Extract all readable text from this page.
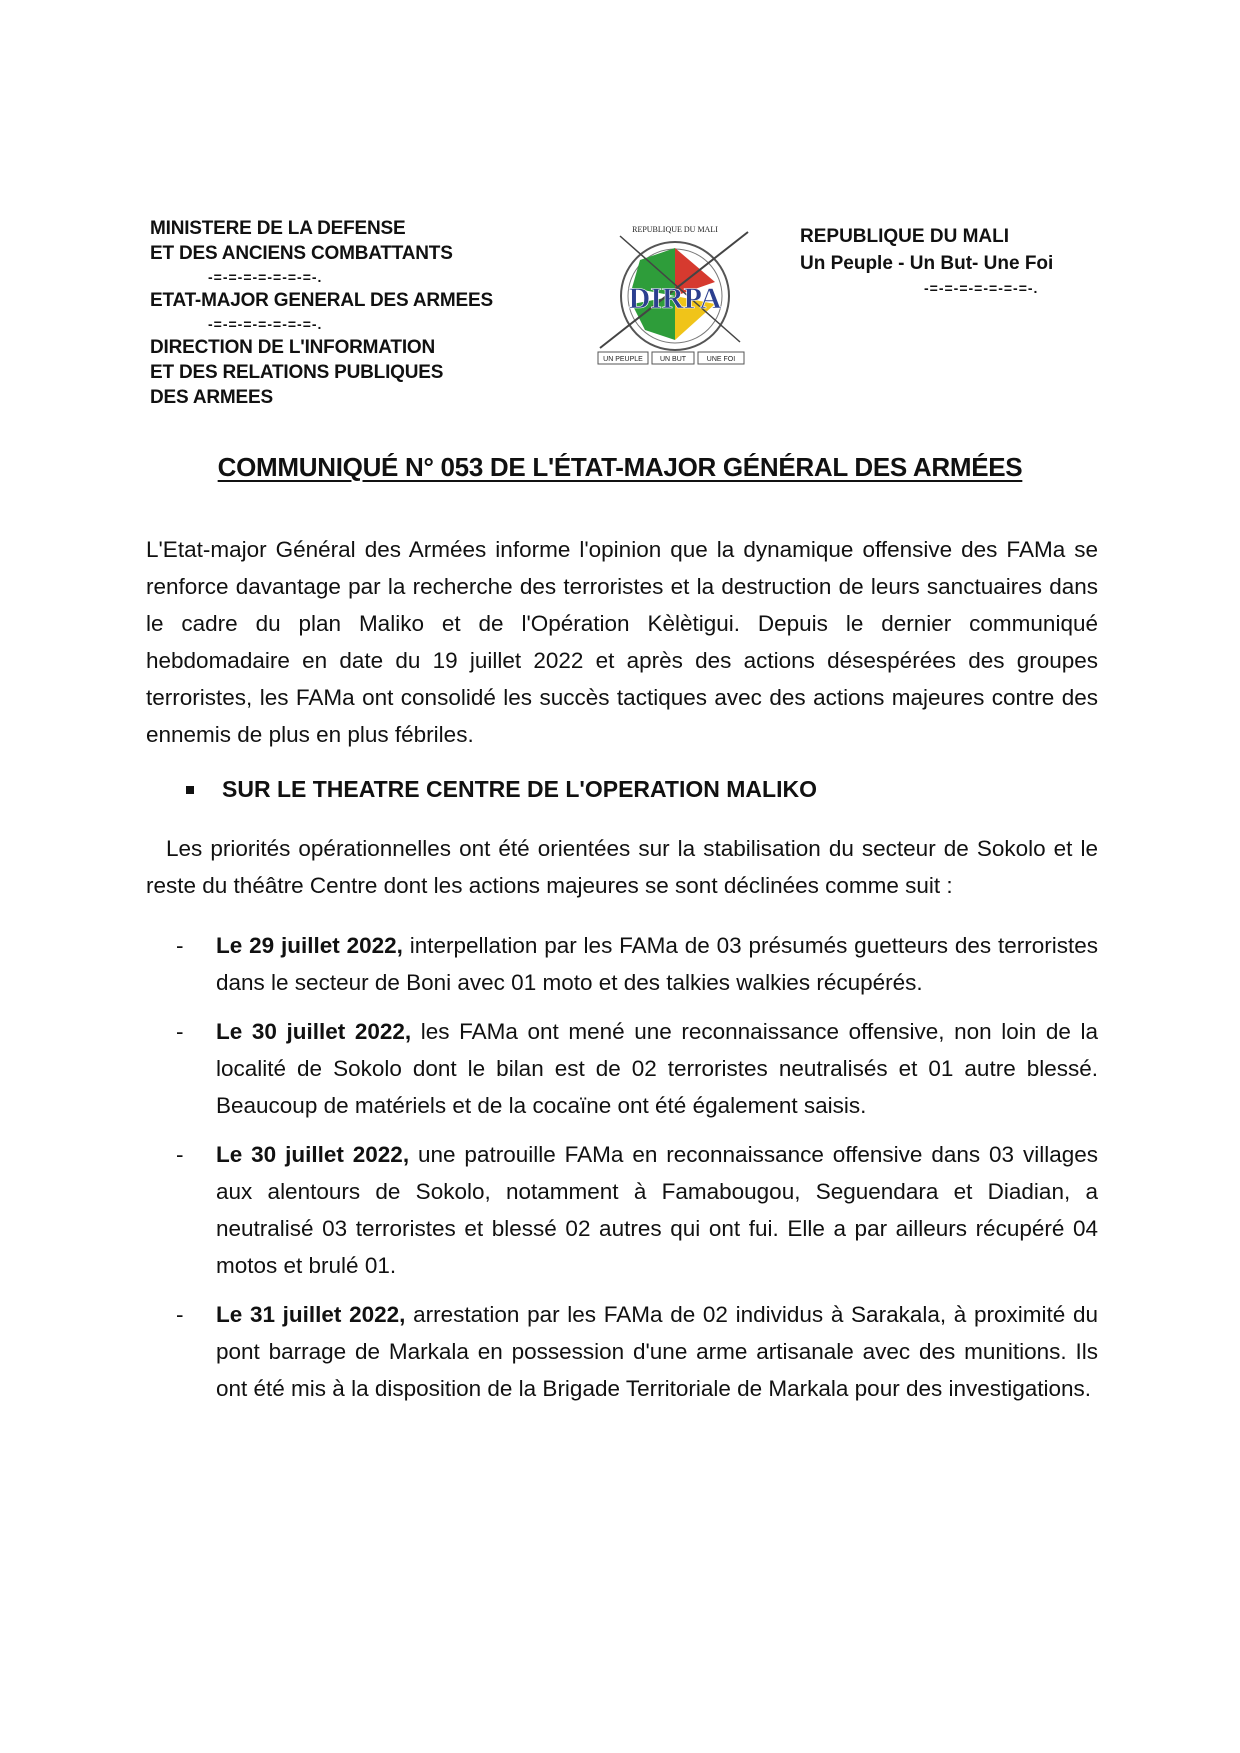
MINISTERE DE LA DEFENSE
ET DES ANCIENS COMBATTANTS
-=-=-=-=-=-=-=-.
ETAT-MAJOR GENERAL DES ARMEES
-=-=-=-=-=-=-=-.
DIRECTION DE L'INFORMATION
ET DES RELATIONS PUBLIQUES
DES ARMEES
REPUBLIQUE DU MALI
DIRPA
UN PEUPLE UN BUT	UNE FOI
REPUBLIQUE DU MALI
Un Peuple - Un But- Une Foi
-=-=-=-=-=-=-=-.
COMMUNIQUÉ N° 053 DE L'ÉTAT-MAJOR GÉNÉRAL DES ARMÉES

L'Etat-major Général des Armées informe l'opinion que la dynamique offensive des FAMa se renforce davantage par la recherche des terroristes et la destruction de leurs sanctuaires dans le cadre du plan Maliko et de l'Opération Kèlètigui. Depuis le dernier communiqué hebdomadaire en date du 19 juillet 2022 et après des actions désespérées des groupes terroristes, les FAMa ont consolidé les succès tactiques avec des actions majeures contre des ennemis de plus en plus fébriles.

SUR LE THEATRE CENTRE DE L'OPERATION MALIKO

Les priorités opérationnelles ont été orientées sur la stabilisation du secteur de Sokolo et le reste du théâtre Centre dont les actions majeures se sont déclinées comme suit :

- Le 29 juillet 2022, interpellation par les FAMa de 03 présumés guetteurs des terroristes dans le secteur de Boni avec 01 moto et des talkies walkies récupérés.
- Le 30 juillet 2022, les FAMa ont mené une reconnaissance offensive, non loin de la localité de Sokolo dont le bilan est de 02 terroristes neutralisés et 01 autre blessé. Beaucoup de matériels et de la cocaïne ont été également saisis.
- Le 30 juillet 2022, une patrouille FAMa en reconnaissance offensive dans 03 villages aux alentours de Sokolo, notamment à Famabougou, Seguendara et Diadian, a neutralisé 03 terroristes et blessé 02 autres qui ont fui. Elle a par ailleurs récupéré 04 motos et brulé 01.
- Le 31 juillet 2022, arrestation par les FAMa de 02 individus à Sarakala, à proximité du pont barrage de Markala en possession d'une arme artisanale avec des munitions. Ils ont été mis à la disposition de la Brigade Territoriale de Markala pour des investigations.
